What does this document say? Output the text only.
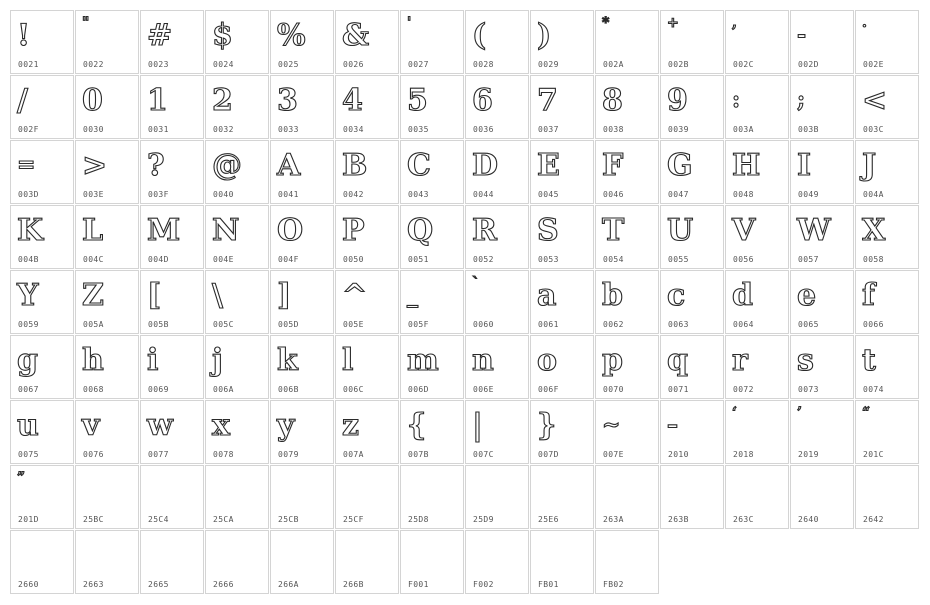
!
0021
"
0022
#
0023
$
0024
%
0025
&
0026
'
0027
(
0028
)
0029
*
002A
+
002B
,
002C
-
002D
.
002E
/
002F
0
0030
1
0031
2
0032
3
0033
4
0034
5
0035
6
0036
7
0037
8
0038
9
0039
:
003A
;
003B
<
003C
=
003D
>
003E
?
003F
@
0040
A
0041
B
0042
C
0043
D
0044
E
0045
F
0046
G
0047
H
0048
I
0049
J
004A
K
004B
L
004C
M
004D
N
004E
O
004F
P
0050
Q
0051
R
0052
S
0053
T
0054
U
0055
V
0056
W
0057
X
0058
Y
0059
Z
005A
[
005B
\
005C
]
005D
^
005E
_
005F
`
0060
a
0061
b
0062
c
0063
d
0064
e
0065
f
0066
g
0067
h
0068
i
0069
j
006A
k
006B
l
006C
m
006D
n
006E
o
006F
p
0070
q
0071
r
0072
s
0073
t
0074
u
0075
v
0076
w
0077
x
0078
y
0079
z
007A
{
007B
|
007C
}
007D
~
007E
–
2010
‘
2018
’
2019
“
201C
”
201D	25BC	25C4	25CA	25CB	25CF	25D8	25D9	25E6	263A	263B	263C	2640	2642
2660	2663	2665	2666	266A	266B	F001	F002	FB01	FB02
